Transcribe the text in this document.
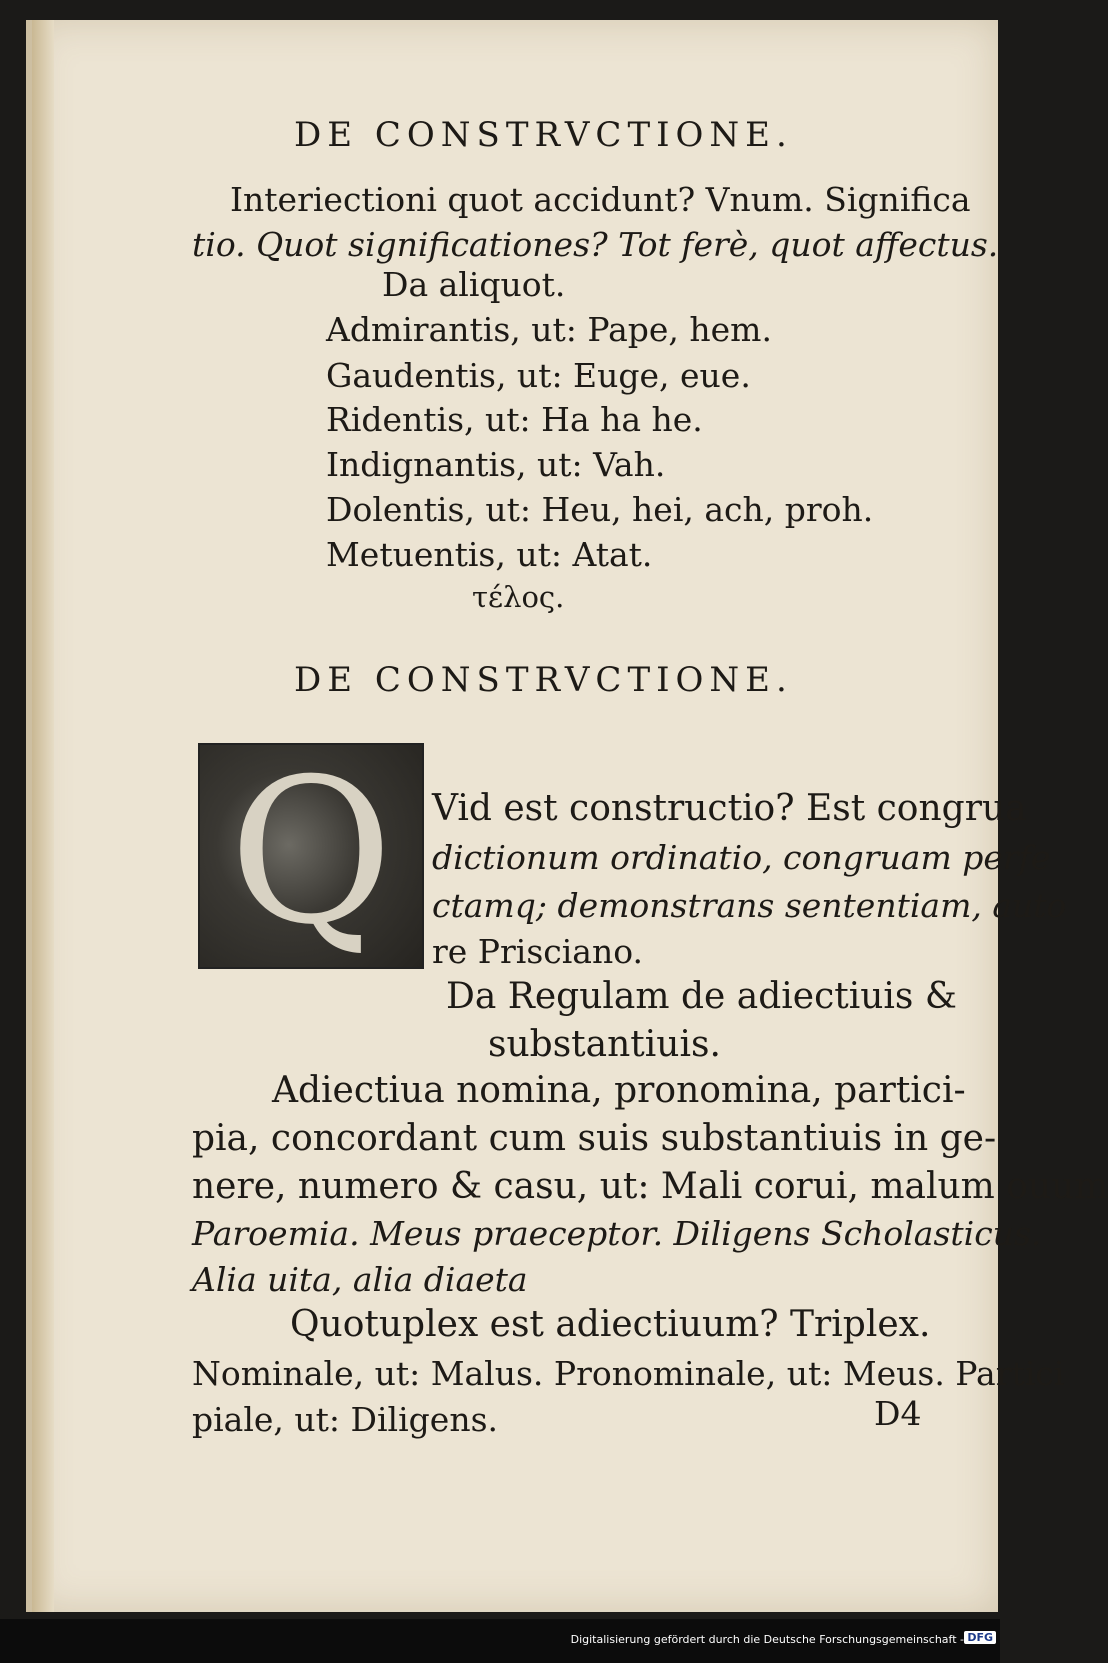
DE CONSTRVCTIONE.
Interiectioni quot accidunt? Vnum. Significa
tio. Quot significationes? Tot ferè, quot affectus.
Da aliquot.
Admirantis, ut: Pape, hem.
Gaudentis, ut: Euge, eue.
Ridentis, ut: Ha ha he.
Indignantis, ut: Vah.
Dolentis, ut: Heu, hei, ach, proh.
Metuentis, ut: Atat.
τέλος.
DE CONSTRVCTIONE.
Q	Vid est constructio? Est congrua
dictionum ordinatio, congruam perfe
ctamq; demonstrans sententiam, auto
re Prisciano.
Da Regulam de adiectiuis &
substantiuis.
Adiectiua nomina, pronomina, partici-
pia, concordant cum suis substantiuis in ge-
nere, numero & casu, ut: Mali corui, malum ouum
Paroemia. Meus praeceptor. Diligens Scholasticus.
Alia uita, alia diaeta
Quotuplex est adiectiuum? Triplex.
Nominale, ut: Malus. Pronominale, ut: Meus. Partici
piale, ut: Diligens.	D4
Digitalisierung gefördert durch die Deutsche Forschungsgemeinschaft - DFG
